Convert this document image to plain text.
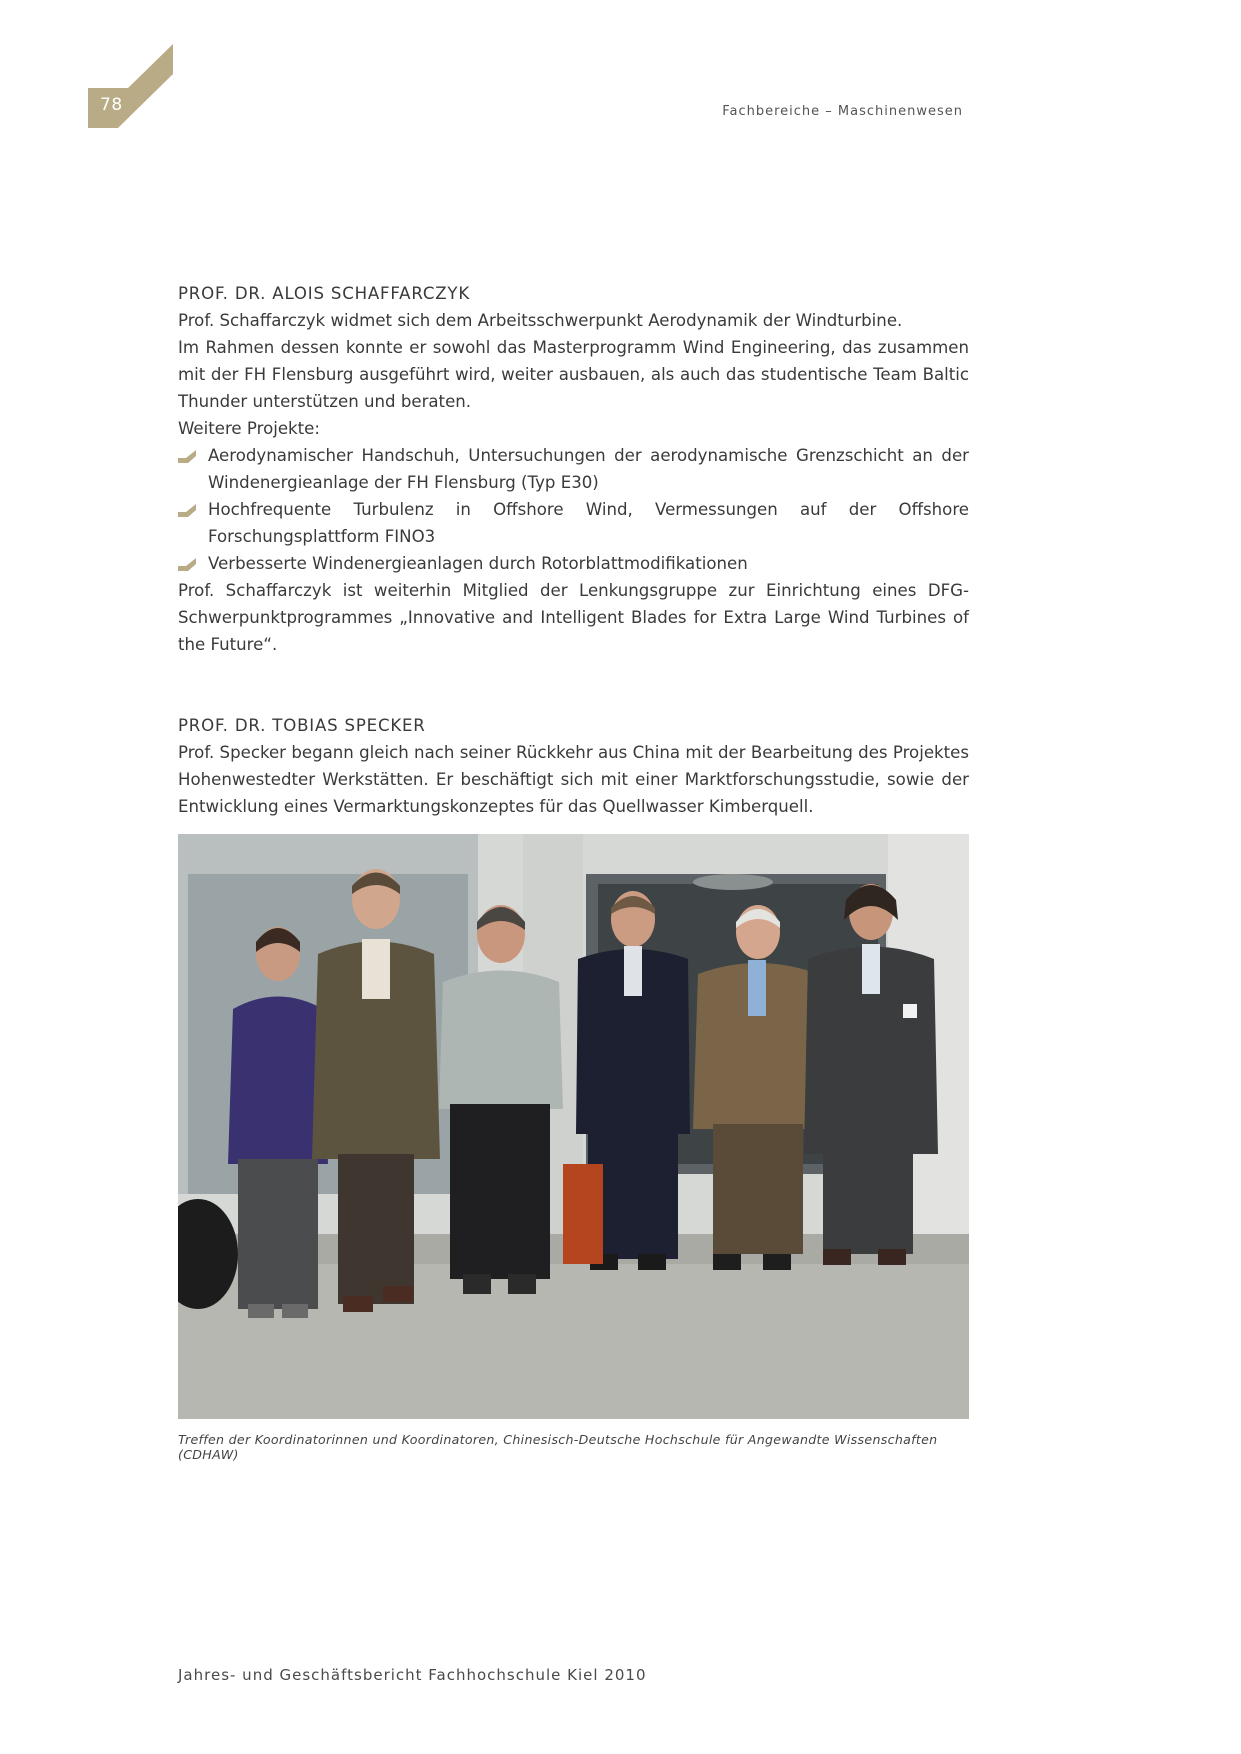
78	Fachbereiche – Maschinenwesen
PROF. DR. ALOIS SCHAFFARCZYK

Prof. Schaffarczyk widmet sich dem Arbeitsschwerpunkt Aerodynamik der Windturbine.

Im Rahmen dessen konnte er sowohl das Masterprogramm Wind Engineering, das zusammen mit der FH Flensburg ausgeführt wird, weiter ausbauen, als auch das studentische Team Baltic Thunder unterstützen und beraten.

Weitere Projekte:

Aerodynamischer Handschuh, Untersuchungen der aerodynamische Grenzschicht an der Windenergieanlage der FH Flensburg (Typ E30)
Hochfrequente Turbulenz in Offshore Wind, Vermessungen auf der Offshore Forschungsplattform FINO3
Verbesserte Windenergieanlagen durch Rotorblattmodifikationen

Prof. Schaffarczyk ist weiterhin Mitglied der Lenkungsgruppe zur Einrichtung eines DFG-Schwerpunktprogrammes „Innovative and Intelligent Blades for Extra Large Wind Turbines of the Future“.

PROF. DR. TOBIAS SPECKER

Prof. Specker begann gleich nach seiner Rückkehr aus China mit der Bearbeitung des Projektes Hohenwestedter Werkstätten. Er beschäftigt sich mit einer Marktforschungsstudie, sowie der Entwicklung eines Vermarktungskonzeptes für das Quellwasser Kimberquell.

Treffen der Koordinatorinnen und Koordinatoren, Chinesisch-Deutsche Hochschule für Angewandte Wissenschaften (CDHAW)
Jahres- und Geschäftsbericht Fachhochschule Kiel 2010
